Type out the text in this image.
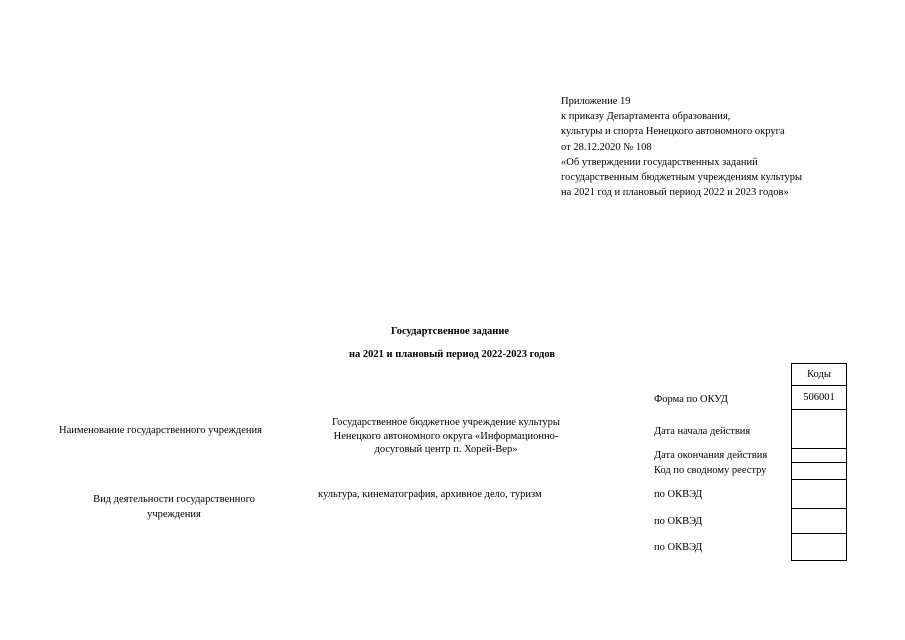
Приложение 19
к приказу Департамента образования,
культуры и спорта Ненецкого автономного округа
от 28.12.2020 № 108
«Об утверждении государственных заданий
государственным бюджетным учреждениям культуры
на 2021 год и плановый период 2022 и 2023 годов»
Государтсвенное задание
на 2021 и плановый период 2022-2023 годов
Коды
Форма по ОКУД	506001
Дата начала действия
Дата окончания действия
Код по сводному реестру
по ОКВЭД
по ОКВЭД
по ОКВЭД
Наименование государственного учреждения
Государственное бюджетное учреждение культуры
Ненецкого автономного округа «Информационно-
досуговый центр п. Хорей-Вер»
Вид деятельности государственного
учреждения
культура, кинематография, архивное дело, туризм
